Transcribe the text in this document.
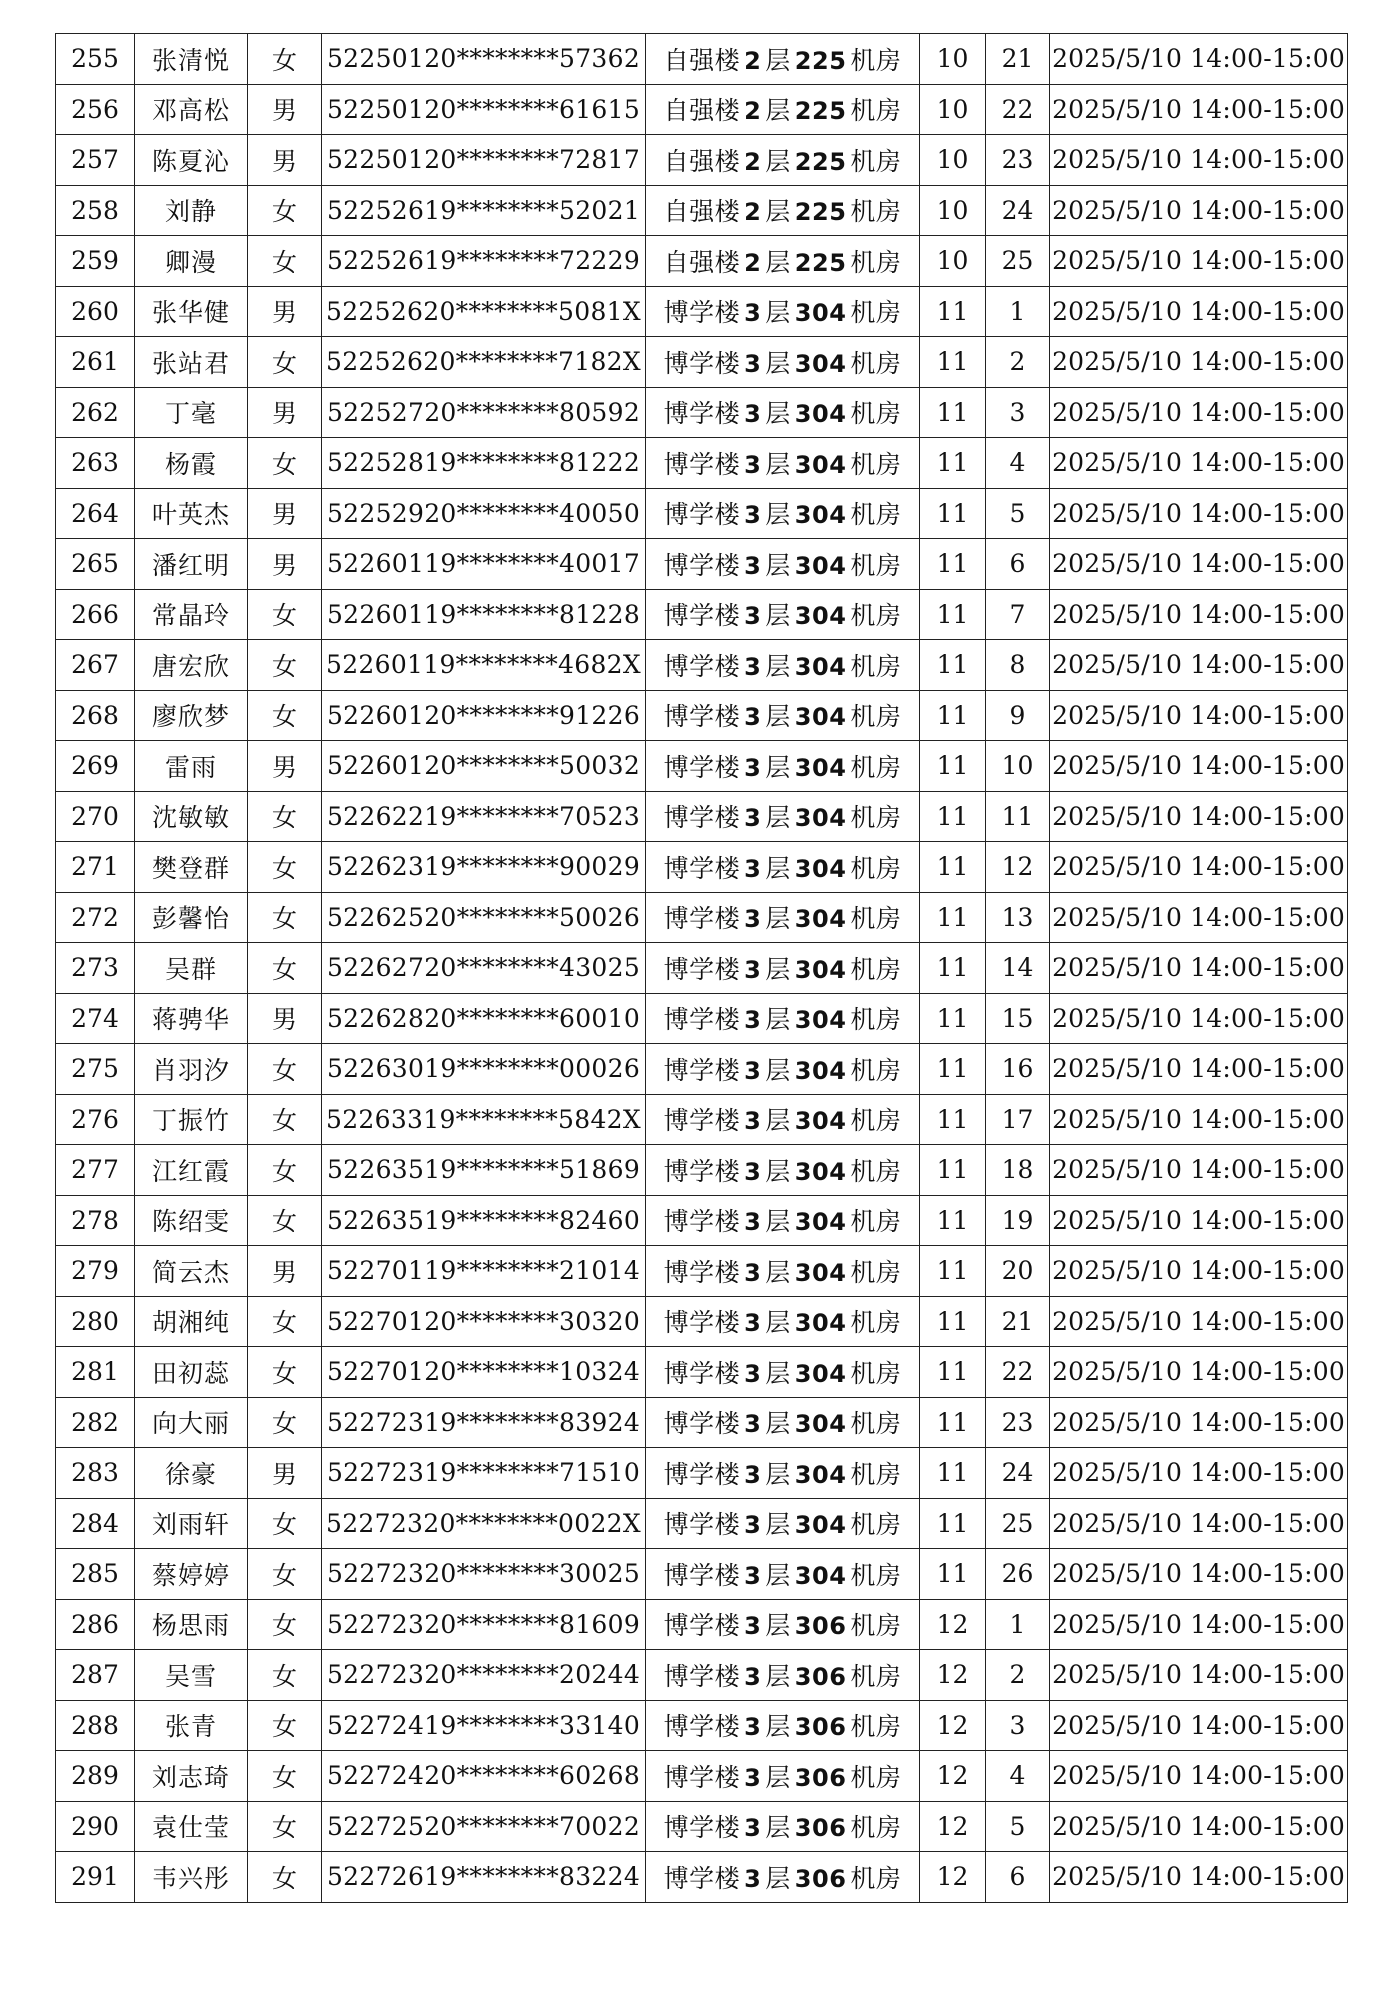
255	张清悦	女	52250120********57362	自强楼 2 层 225 机房	10	21	2025/5/10 14:00-15:00
256	邓高松	男	52250120********61615	自强楼 2 层 225 机房	10	22	2025/5/10 14:00-15:00
257	陈夏沁	男	52250120********72817	自强楼 2 层 225 机房	10	23	2025/5/10 14:00-15:00
258	刘静	女	52252619********52021	自强楼 2 层 225 机房	10	24	2025/5/10 14:00-15:00
259	卿漫	女	52252619********72229	自强楼 2 层 225 机房	10	25	2025/5/10 14:00-15:00
260	张华健	男	52252620********5081X	博学楼 3 层 304 机房	11	1	2025/5/10 14:00-15:00
261	张站君	女	52252620********7182X	博学楼 3 层 304 机房	11	2	2025/5/10 14:00-15:00
262	丁毫	男	52252720********80592	博学楼 3 层 304 机房	11	3	2025/5/10 14:00-15:00
263	杨霞	女	52252819********81222	博学楼 3 层 304 机房	11	4	2025/5/10 14:00-15:00
264	叶英杰	男	52252920********40050	博学楼 3 层 304 机房	11	5	2025/5/10 14:00-15:00
265	潘红明	男	52260119********40017	博学楼 3 层 304 机房	11	6	2025/5/10 14:00-15:00
266	常晶玲	女	52260119********81228	博学楼 3 层 304 机房	11	7	2025/5/10 14:00-15:00
267	唐宏欣	女	52260119********4682X	博学楼 3 层 304 机房	11	8	2025/5/10 14:00-15:00
268	廖欣梦	女	52260120********91226	博学楼 3 层 304 机房	11	9	2025/5/10 14:00-15:00
269	雷雨	男	52260120********50032	博学楼 3 层 304 机房	11	10	2025/5/10 14:00-15:00
270	沈敏敏	女	52262219********70523	博学楼 3 层 304 机房	11	11	2025/5/10 14:00-15:00
271	樊登群	女	52262319********90029	博学楼 3 层 304 机房	11	12	2025/5/10 14:00-15:00
272	彭馨怡	女	52262520********50026	博学楼 3 层 304 机房	11	13	2025/5/10 14:00-15:00
273	吴群	女	52262720********43025	博学楼 3 层 304 机房	11	14	2025/5/10 14:00-15:00
274	蒋骋华	男	52262820********60010	博学楼 3 层 304 机房	11	15	2025/5/10 14:00-15:00
275	肖羽汐	女	52263019********00026	博学楼 3 层 304 机房	11	16	2025/5/10 14:00-15:00
276	丁振竹	女	52263319********5842X	博学楼 3 层 304 机房	11	17	2025/5/10 14:00-15:00
277	江红霞	女	52263519********51869	博学楼 3 层 304 机房	11	18	2025/5/10 14:00-15:00
278	陈绍雯	女	52263519********82460	博学楼 3 层 304 机房	11	19	2025/5/10 14:00-15:00
279	简云杰	男	52270119********21014	博学楼 3 层 304 机房	11	20	2025/5/10 14:00-15:00
280	胡湘纯	女	52270120********30320	博学楼 3 层 304 机房	11	21	2025/5/10 14:00-15:00
281	田初蕊	女	52270120********10324	博学楼 3 层 304 机房	11	22	2025/5/10 14:00-15:00
282	向大丽	女	52272319********83924	博学楼 3 层 304 机房	11	23	2025/5/10 14:00-15:00
283	徐豪	男	52272319********71510	博学楼 3 层 304 机房	11	24	2025/5/10 14:00-15:00
284	刘雨轩	女	52272320********0022X	博学楼 3 层 304 机房	11	25	2025/5/10 14:00-15:00
285	蔡婷婷	女	52272320********30025	博学楼 3 层 304 机房	11	26	2025/5/10 14:00-15:00
286	杨思雨	女	52272320********81609	博学楼 3 层 306 机房	12	1	2025/5/10 14:00-15:00
287	吴雪	女	52272320********20244	博学楼 3 层 306 机房	12	2	2025/5/10 14:00-15:00
288	张青	女	52272419********33140	博学楼 3 层 306 机房	12	3	2025/5/10 14:00-15:00
289	刘志琦	女	52272420********60268	博学楼 3 层 306 机房	12	4	2025/5/10 14:00-15:00
290	袁仕莹	女	52272520********70022	博学楼 3 层 306 机房	12	5	2025/5/10 14:00-15:00
291	韦兴彤	女	52272619********83224	博学楼 3 层 306 机房	12	6	2025/5/10 14:00-15:00
